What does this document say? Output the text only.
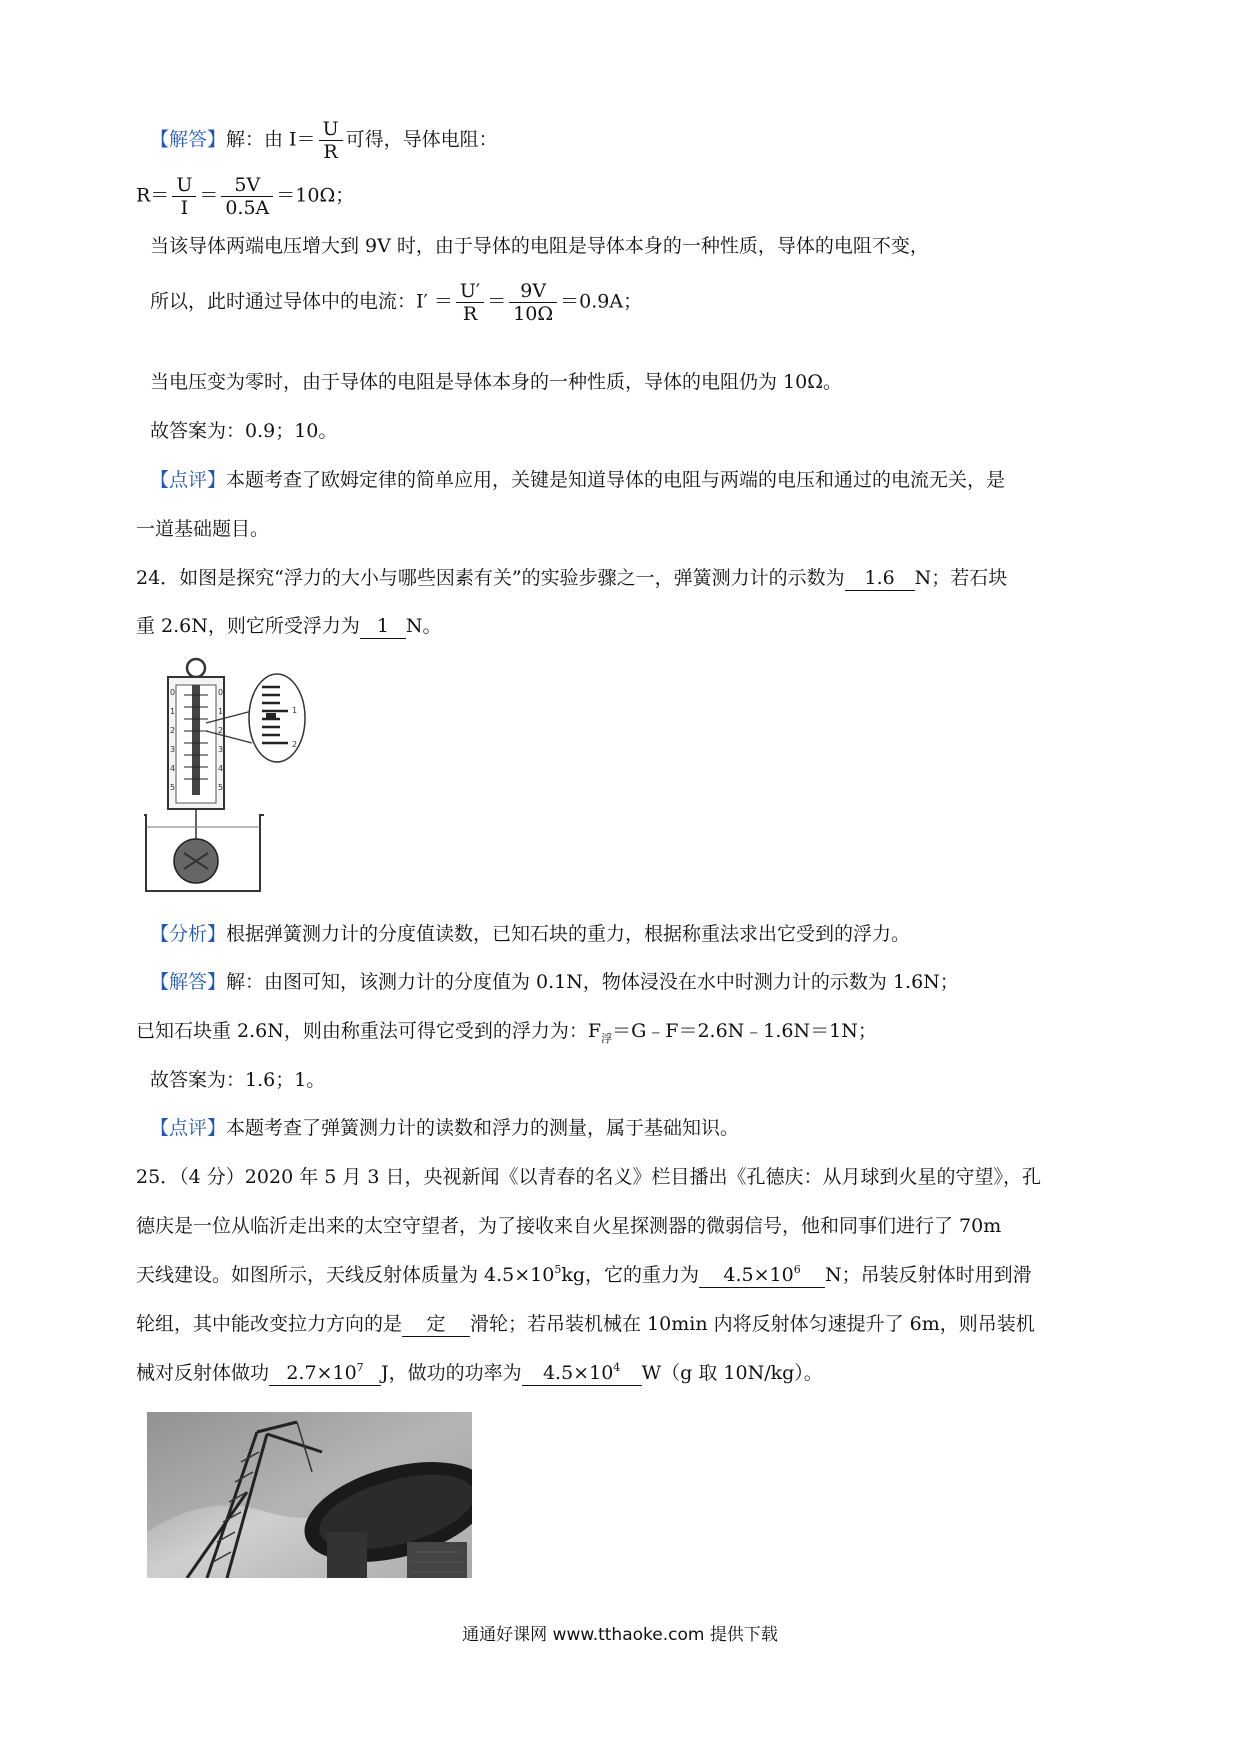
【解答】解：由 $I= \frac{U}{R}$ 可得，导体电阻：
$R= \frac{U}{I} = \frac{5V}{0.5A} =10\Omega$；
当该导体两端电压增大到 9V 时，由于导体的电阻是导体本身的一种性质，导体的电阻不变，
所以，此时通过导体中的电流：$I' = \frac{U'}{R} = \frac{9V}{10\Omega} =0.9A$；
当电压变为零时，由于导体的电阻是导体本身的一种性质，导体的电阻仍为 10Ω。
故答案为：0.9；10。
【点评】本题考查了欧姆定律的简单应用，关键是知道导体的电阻与两端的电压和通过的电流无关，是
一道基础题目。
24．如图是探究“浮力的大小与哪些因素有关”的实验步骤之一，弹簧测力计的示数为 1.6 N；若石块
重 2.6N，则它所受浮力为 1 N。
0
1
2
3
4
5
0
1
2
3
4
5
1
2
【分析】根据弹簧测力计的分度值读数，已知石块的重力，根据称重法求出它受到的浮力。
【解答】解：由图可知，该测力计的分度值为 0.1N，物体浸没在水中时测力计的示数为 1.6N；
已知石块重 2.6N，则由称重法可得它受到的浮力为：$F_浮=G﹣F=2.6N﹣1.6N=1N$；
故答案为：1.6；1。
【点评】本题考查了弹簧测力计的读数和浮力的测量，属于基础知识。
25．（4 分）2020 年 5 月 3 日，央视新闻《以青春的名义》栏目播出《孔德庆：从月球到火星的守望》，孔
德庆是一位从临沂走出来的太空守望者，为了接收来自火星探测器的微弱信号，他和同事们进行了 70m
天线建设。如图所示，天线反射体质量为 $4.5\times 10^5kg$，它的重力为 $4.5\times 10^6$ N；吊装反射体时用到滑
轮组，其中能改变拉力方向的是 定 滑轮；若吊装机械在 10min 内将反射体匀速提升了 6m，则吊装机
械对反射体做功 $2.7\times 10^7$ J，做功的功率为 $4.5\times 10^4$ W（g 取 10N/kg）。
通通好课网 www.tthaoke.com 提供下载
